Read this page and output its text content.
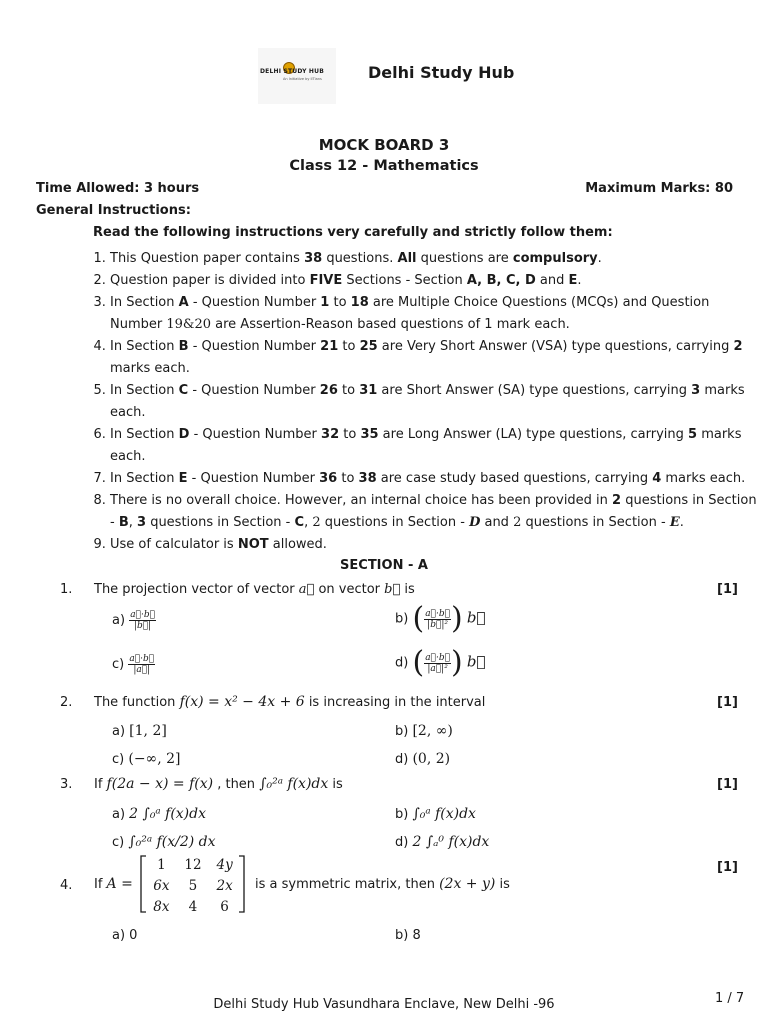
DELHI STUDY HUB
An Initiative by IITians	Delhi Study Hub
MOCK BOARD 3
Class 12 - Mathematics
Time Allowed: 3 hours	Maximum Marks: 80
General Instructions:
Read the following instructions very carefully and strictly follow them:
1. This Question paper contains 38 questions. All questions are compulsory.
2. Question paper is divided into FIVE Sections - Section A, B, C, D and E.
3. In Section A - Question Number 1 to 18 are Multiple Choice Questions (MCQs) and Question Number 19&20 are Assertion-Reason based questions of 1 mark each.
4. In Section B - Question Number 21 to 25 are Very Short Answer (VSA) type questions, carrying 2 marks each.
5. In Section C - Question Number 26 to 31 are Short Answer (SA) type questions, carrying 3 marks each.
6. In Section D - Question Number 32 to 35 are Long Answer (LA) type questions, carrying 5 marks each.
7. In Section E - Question Number 36 to 38 are case study based questions, carrying 4 marks each.
8. There is no overall choice. However, an internal choice has been provided in 2 questions in Section - B, 3 questions in Section - C, 2 questions in Section - D and 2 questions in Section - E.
9. Use of calculator is NOT allowed.
SECTION - A
1. The projection vector of vector a⃗ on vector b⃗ is	[1]
$a) \frac{a⃗\cdot b⃗}{|b⃗|}$	b) ( $\frac{a⃗\cdot b⃗}{\text{|b⃗|²}}$ ) b⃗
$c) \frac{a⃗\cdot b⃗}{|a⃗|}$	d) ( $\frac{a⃗\cdot b⃗}{\text{|a⃗|²}}$ ) b⃗
2. The function f(x) = x² − 4x + 6 is increasing in the interval	[1]
a) [1, 2]	b) [2, ∞)
c) (−∞, 2]	d) (0, 2)
3. If f(2a − x) = f(x) , then ∫₀²ᵃ f(x)dx is	[1]
a) 2 ∫₀ᵃ f(x)dx	b) ∫₀ᵃ f(x)dx
c) ∫₀²ᵃ f(x/2) dx	d) 2 ∫ₐ⁰ f(x)dx
4. If A =
1	12	4y
6x	5	2x
8x	4	6
is a symmetric matrix, then (2x + y) is
[1]
a) 0	b) 8
Delhi Study Hub Vasundhara Enclave, New Delhi -96	1 / 7
